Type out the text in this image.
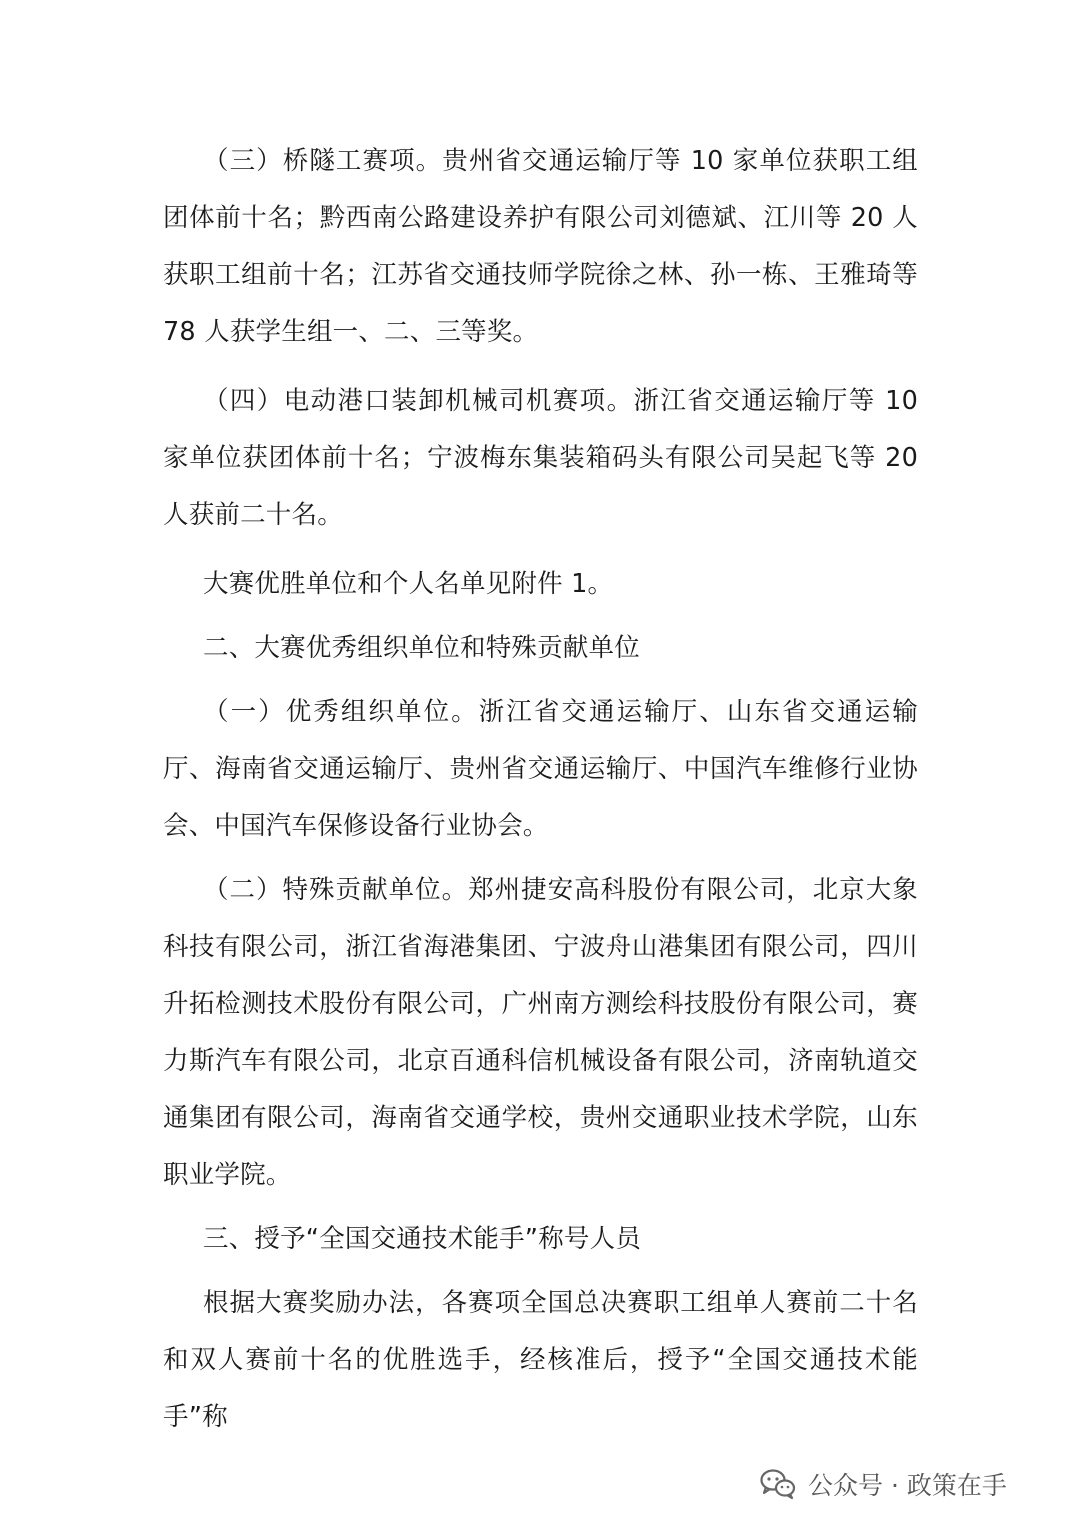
（三）桥隧工赛项。贵州省交通运输厅等 10 家单位获职工组团体前十名；黔西南公路建设养护有限公司刘德斌、江川等 20 人获职工组前十名；江苏省交通技师学院徐之林、孙一栋、王雅琦等 78 人获学生组一、二、三等奖。

（四）电动港口装卸机械司机赛项。浙江省交通运输厅等 10 家单位获团体前十名；宁波梅东集装箱码头有限公司吴起飞等 20 人获前二十名。

大赛优胜单位和个人名单见附件 1。

二、大赛优秀组织单位和特殊贡献单位

（一）优秀组织单位。浙江省交通运输厅、山东省交通运输厅、海南省交通运输厅、贵州省交通运输厅、中国汽车维修行业协会、中国汽车保修设备行业协会。

（二）特殊贡献单位。郑州捷安高科股份有限公司，北京大象科技有限公司，浙江省海港集团、宁波舟山港集团有限公司，四川升拓检测技术股份有限公司，广州南方测绘科技股份有限公司，赛力斯汽车有限公司，北京百通科信机械设备有限公司，济南轨道交通集团有限公司，海南省交通学校，贵州交通职业技术学院，山东职业学院。

三、授予“全国交通技术能手”称号人员

根据大赛奖励办法，各赛项全国总决赛职工组单人赛前二十名和双人赛前十名的优胜选手，经核准后，授予“全国交通技术能手”称

公众号 · 政策在手
